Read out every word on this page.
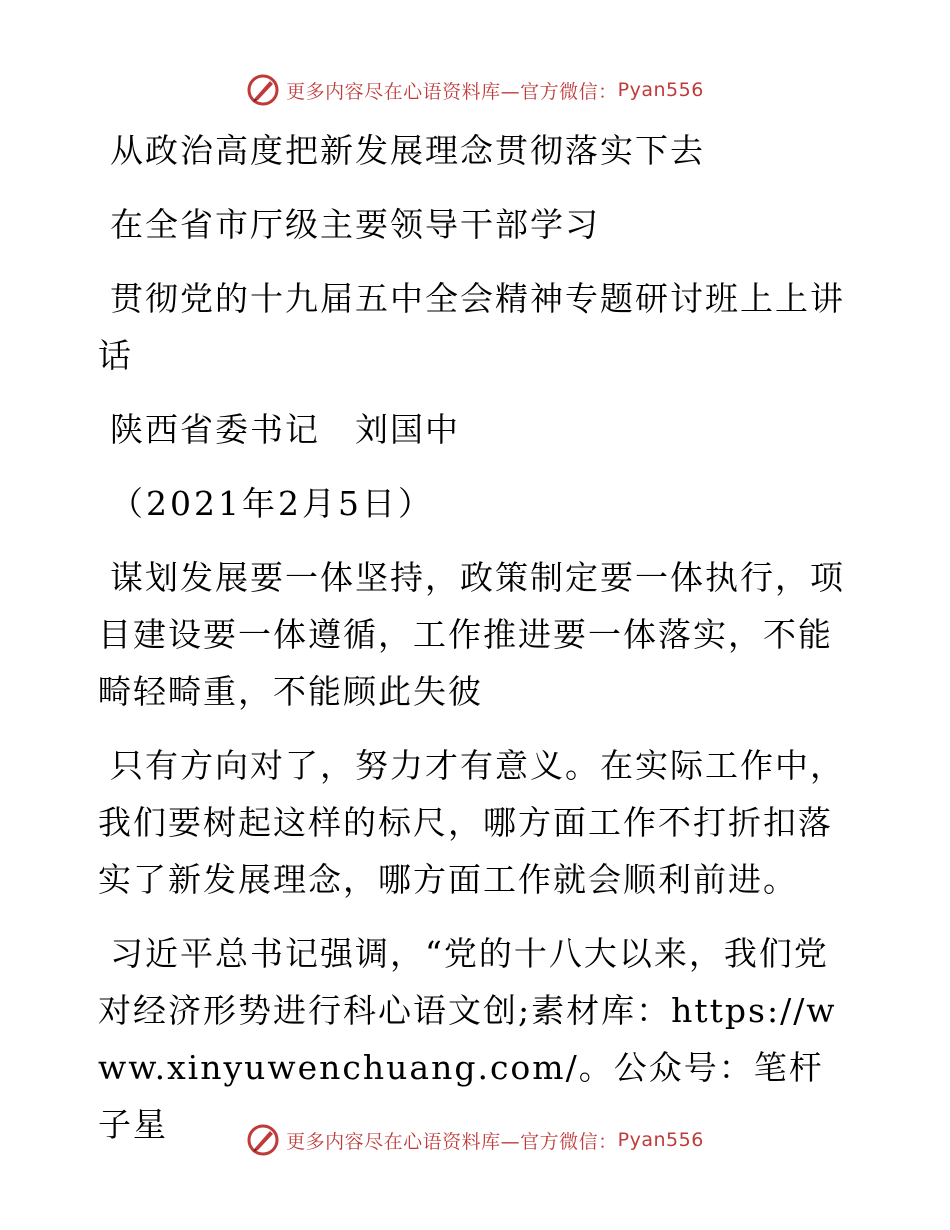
更多内容尽在心语资料库—官方微信： Pyan556

从政治高度把新发展理念贯彻落实下去

在全省市厅级主要领导干部学习

贯彻党的十九届五中全会精神专题研讨班上上讲话

陕西省委书记　刘国中

（2021年2月5日）

谋划发展要一体坚持，政策制定要一体执行，项目建设要一体遵循，工作推进要一体落实，不能畸轻畸重，不能顾此失彼

只有方向对了，努力才有意义。在实际工作中，我们要树起这样的标尺，哪方面工作不打折扣落实了新发展理念，哪方面工作就会顺利前进。

习近平总书记强调，“党的十八大以来，我们党对经济形势进行科心语文创;素材库：https://www.xinyuwenchuang.com/。公众号：笔杆子星	更多内容尽在心语资料库—官方微信： Pyan556
